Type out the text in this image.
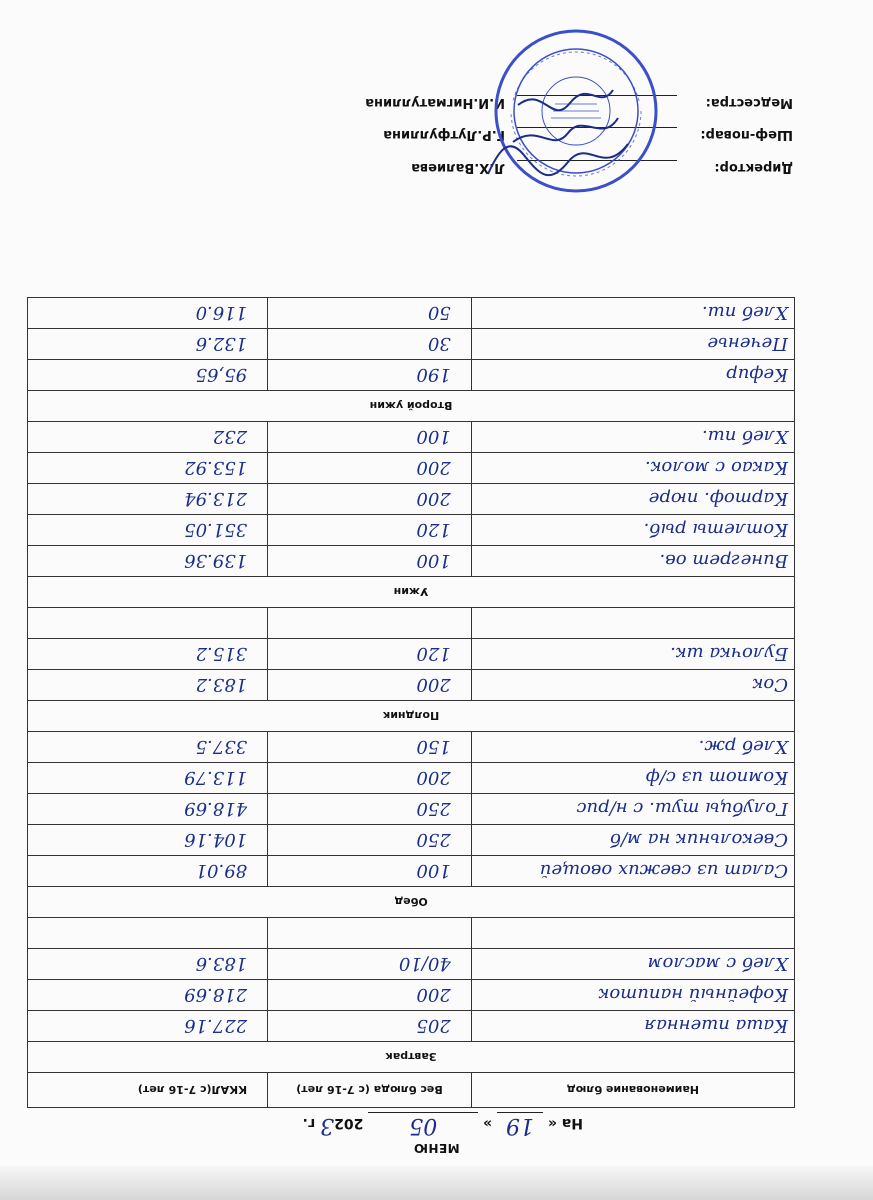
МЕНЮ
На « 19 » 05 2023 г.
Наименование блюд	Вес блюда (с 7-16 лет)	ККАЛ(с 7-16 лет)
Завтрак		
Каша пшенная	205	227.16
Кофейный напиток	200	218.69
Хлеб с маслом	40/10	183.6

Обед		
Салат из свежих овощей	100	89.01
Свекольник на м/б	250	104.16
Голубцы туш. с н/рис	250	418.69
Компот из с/ф	200	113.79
Хлеб рж.	150	337.5
Полдник		
Сок	200	183.2
Булочка шк.	120	315.2

Ужин		
Винегрет ов.	100	139.36
Котлеты рыб.	120	351.05
Картоф. пюре	200	213.94
Какао с молок.	200	153.92
Хлеб пш.	100	232
Второй ужин		
Кефир	190	95,65
Печенье	30	132.6
Хлеб пш.	50	116.0
Директор:Л.Х.Валиева
Шеф-повар:Г.Р.Лутфуллина
Медсестра:И.И.Нигматуллина
